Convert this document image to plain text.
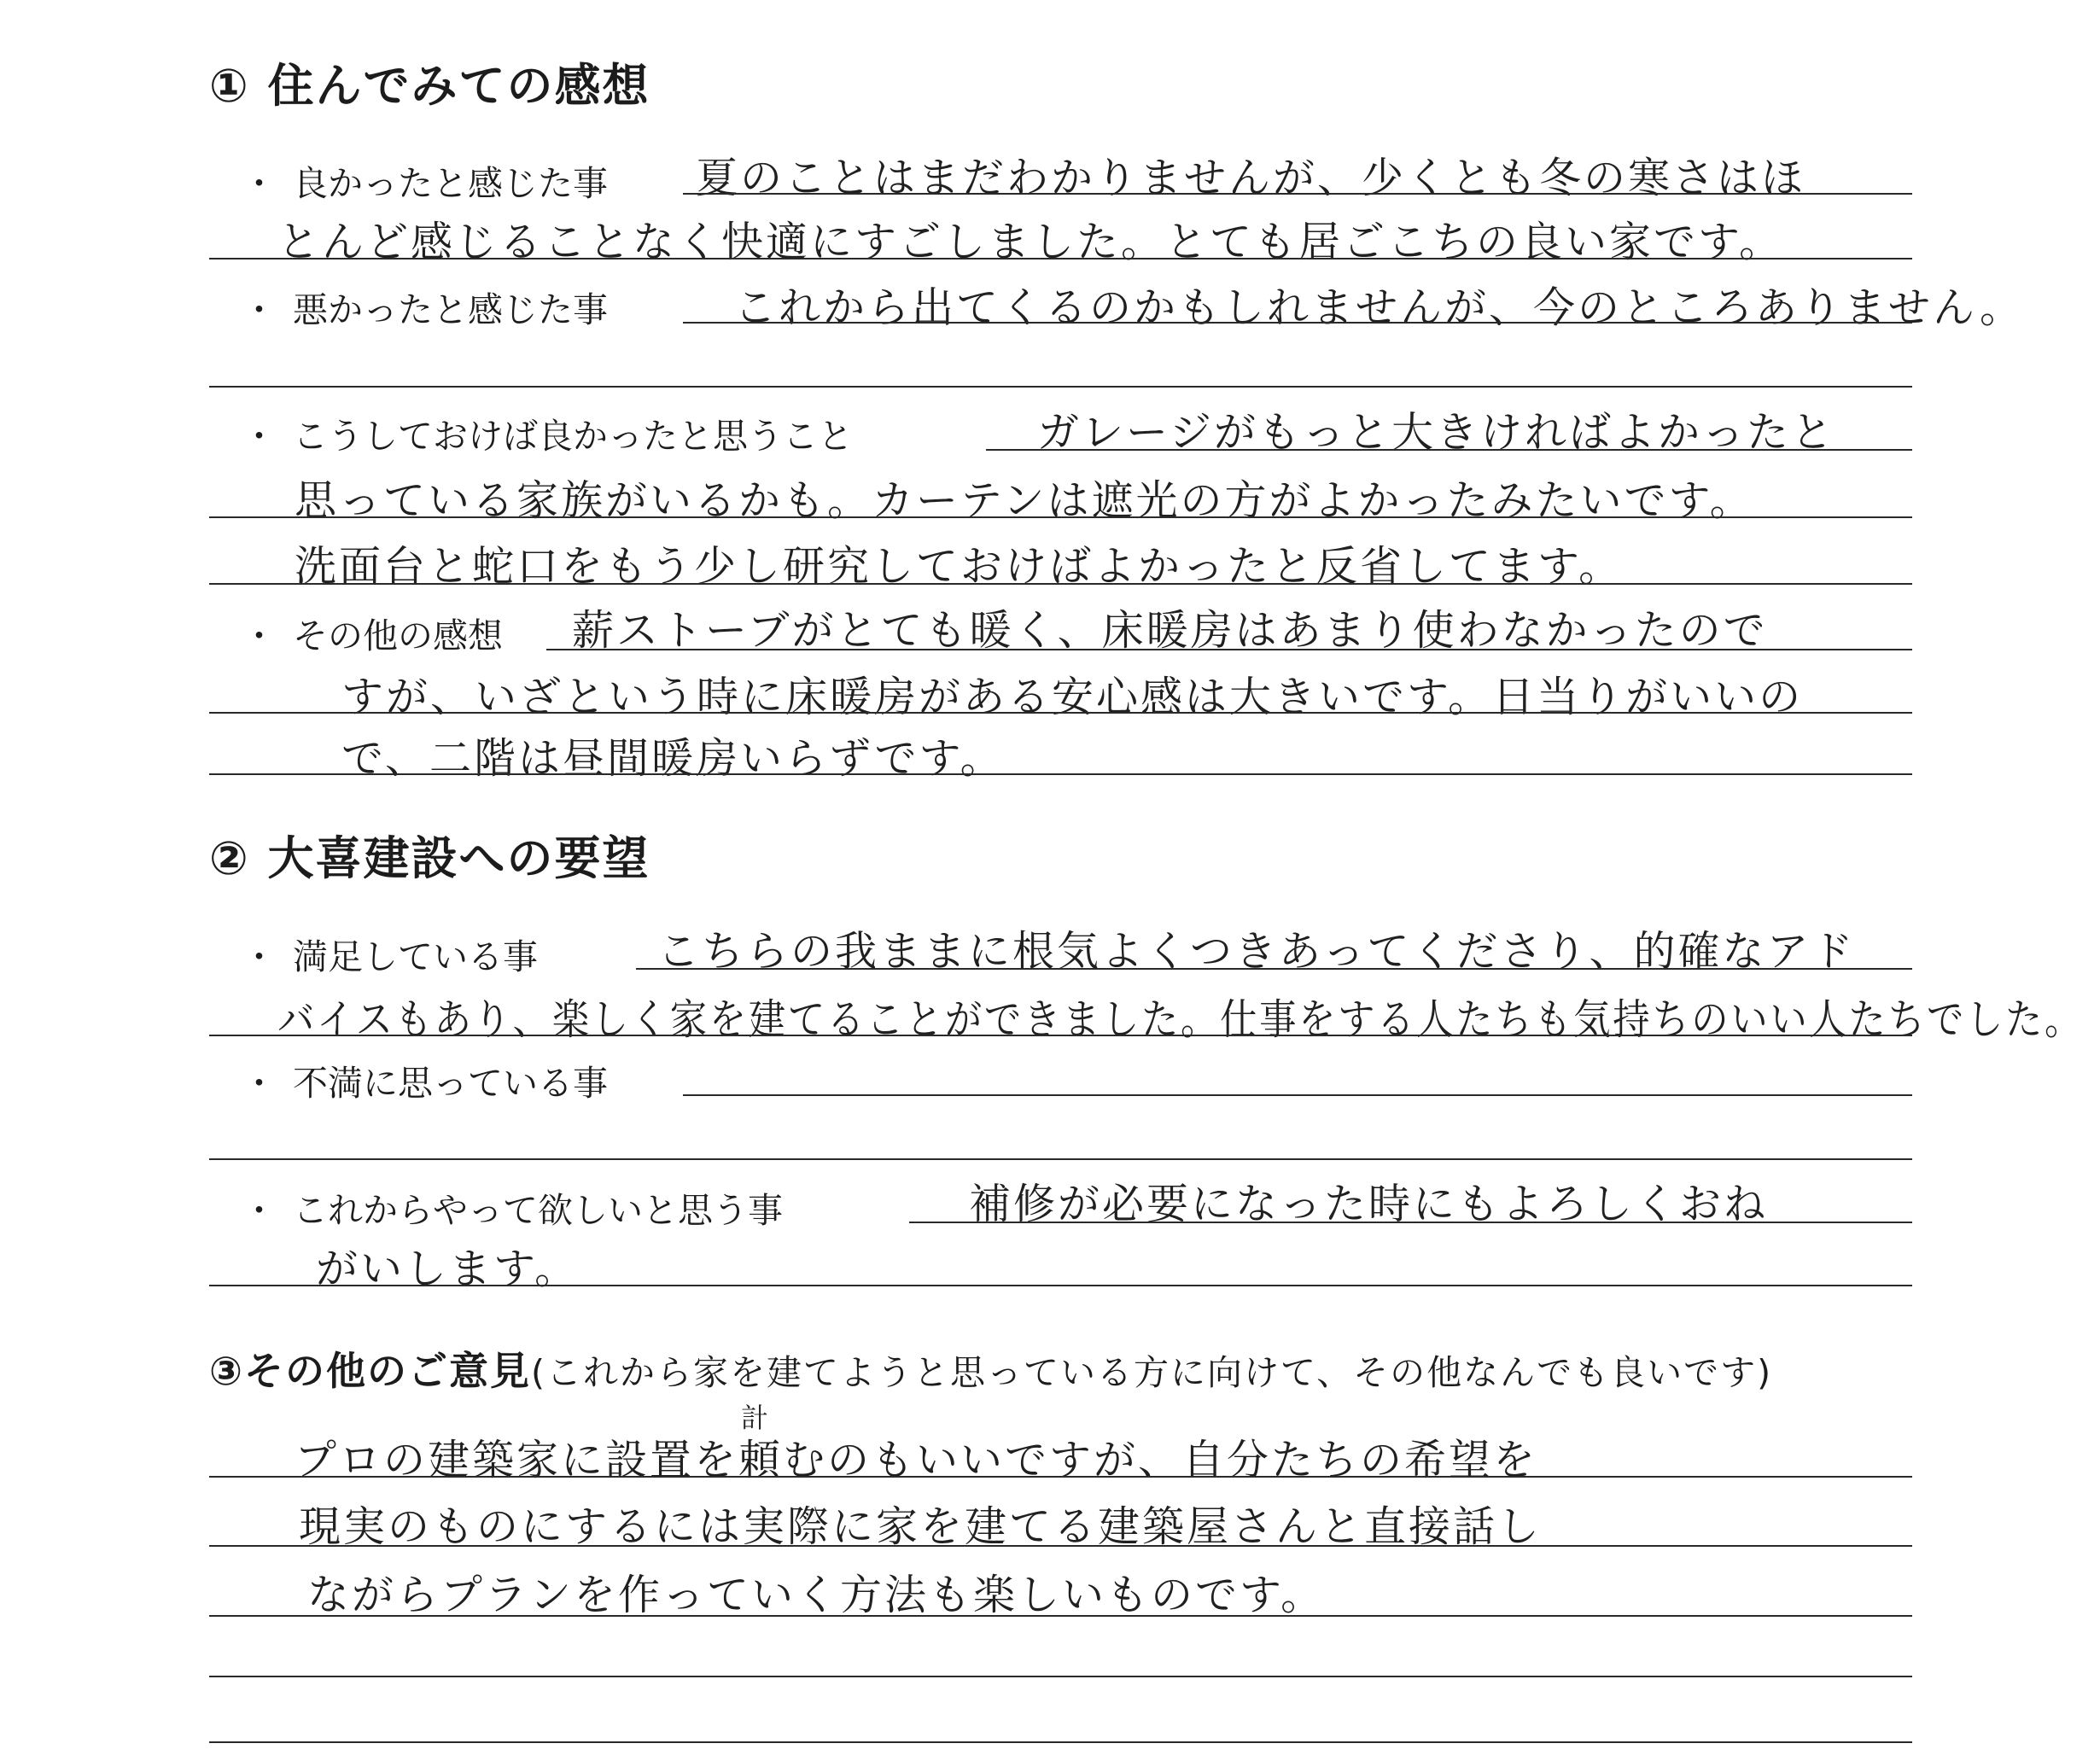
① 住んでみての感想
・ 良かったと感じた事 夏のことはまだわかりませんが、少くとも冬の寒さはほ
とんど感じることなく快適にすごしました。とても居ごこちの良い家です。
・ 悪かったと感じた事	これから出てくるのかもしれませんが、今のところありません。
・ こうしておけば良かったと思うこと	ガレージがもっと大きければよかったと
思っている家族がいるかも。カーテンは遮光の方がよかったみたいです。
洗面台と蛇口をもう少し研究しておけばよかったと反省してます。
・ その他の感想 薪ストーブがとても暖く、床暖房はあまり使わなかったので
すが、いざという時に床暖房がある安心感は大きいです。日当りがいいの
で、二階は昼間暖房いらずです。
② 大喜建設への要望
・ 満足している事	こちらの我ままに根気よくつきあってくださり、的確なアド
バイスもあり、楽しく家を建てることができました。仕事をする人たちも気持ちのいい人たちでした。
・ 不満に思っている事
・ これからやって欲しいと思う事	補修が必要になった時にもよろしくおね
がいします。
③その他のご意見(これから家を建てようと思っている方に向けて、その他なんでも良いです)
計
プロの建築家に設置を頼むのもいいですが、自分たちの希望を
現実のものにするには実際に家を建てる建築屋さんと直接話し
ながらプランを作っていく方法も楽しいものです。
